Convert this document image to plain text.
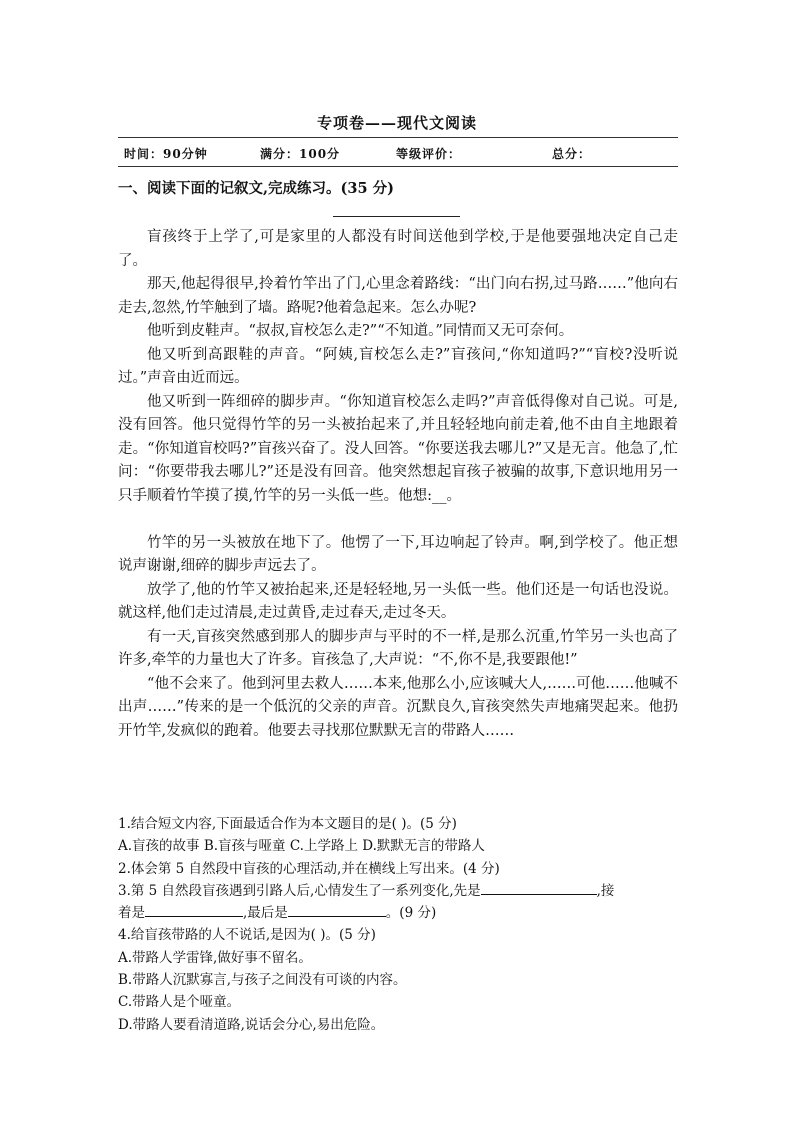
专项卷——现代文阅读
时间：90分钟	满分：100分	等级评价：	总分：
一、阅读下面的记叙文,完成练习。(35 分)

盲孩终于上学了,可是家里的人都没有时间送他到学校,于是他要强地决定自己走了。

那天,他起得很早,拎着竹竿出了门,心里念着路线：“出门向右拐,过马路……”他向右走去,忽然,竹竿触到了墙。路呢?他着急起来。怎么办呢?

他听到皮鞋声。“叔叔,盲校怎么走?”“不知道。”同情而又无可奈何。

他又听到高跟鞋的声音。“阿姨,盲校怎么走?”盲孩问,“你知道吗?”“盲校?没听说过。”声音由近而远。

他又听到一阵细碎的脚步声。“你知道盲校怎么走吗?”声音低得像对自己说。可是,没有回答。他只觉得竹竿的另一头被抬起来了,并且轻轻地向前走着,他不由自主地跟着走。“你知道盲校吗?”盲孩兴奋了。没人回答。“你要送我去哪儿?”又是无言。他急了,忙问：“你要带我去哪儿?”还是没有回音。他突然想起盲孩子被骗的故事,下意识地用另一只手顺着竹竿摸了摸,竹竿的另一头低一些。他想:__。

竹竿的另一头被放在地下了。他愣了一下,耳边响起了铃声。啊,到学校了。他正想说声谢谢,细碎的脚步声远去了。

放学了,他的竹竿又被抬起来,还是轻轻地,另一头低一些。他们还是一句话也没说。就这样,他们走过清晨,走过黄昏,走过春天,走过冬天。

有一天,盲孩突然感到那人的脚步声与平时的不一样,是那么沉重,竹竿另一头也高了许多,牵竿的力量也大了许多。盲孩急了,大声说：“不,你不是,我要跟他!”

“他不会来了。他到河里去救人……本来,他那么小,应该喊大人,……可他……他喊不出声……”传来的是一个低沉的父亲的声音。沉默良久,盲孩突然失声地痛哭起来。他扔开竹竿,发疯似的跑着。他要去寻找那位默默无言的带路人……

1.结合短文内容,下面最适合作为本文题目的是( )。(5 分)
A.盲孩的故事 B.盲孩与哑童 C.上学路上 D.默默无言的带路人
2.体会第 5 自然段中盲孩的心理活动,并在横线上写出来。(4 分)
3.第 5 自然段盲孩遇到引路人后,心情发生了一系列变化,先是	,接
着是	,最后是	。(9 分)
4.给盲孩带路的人不说话,是因为( )。(5 分)
A.带路人学雷锋,做好事不留名。
B.带路人沉默寡言,与孩子之间没有可谈的内容。
C.带路人是个哑童。
D.带路人要看清道路,说话会分心,易出危险。
